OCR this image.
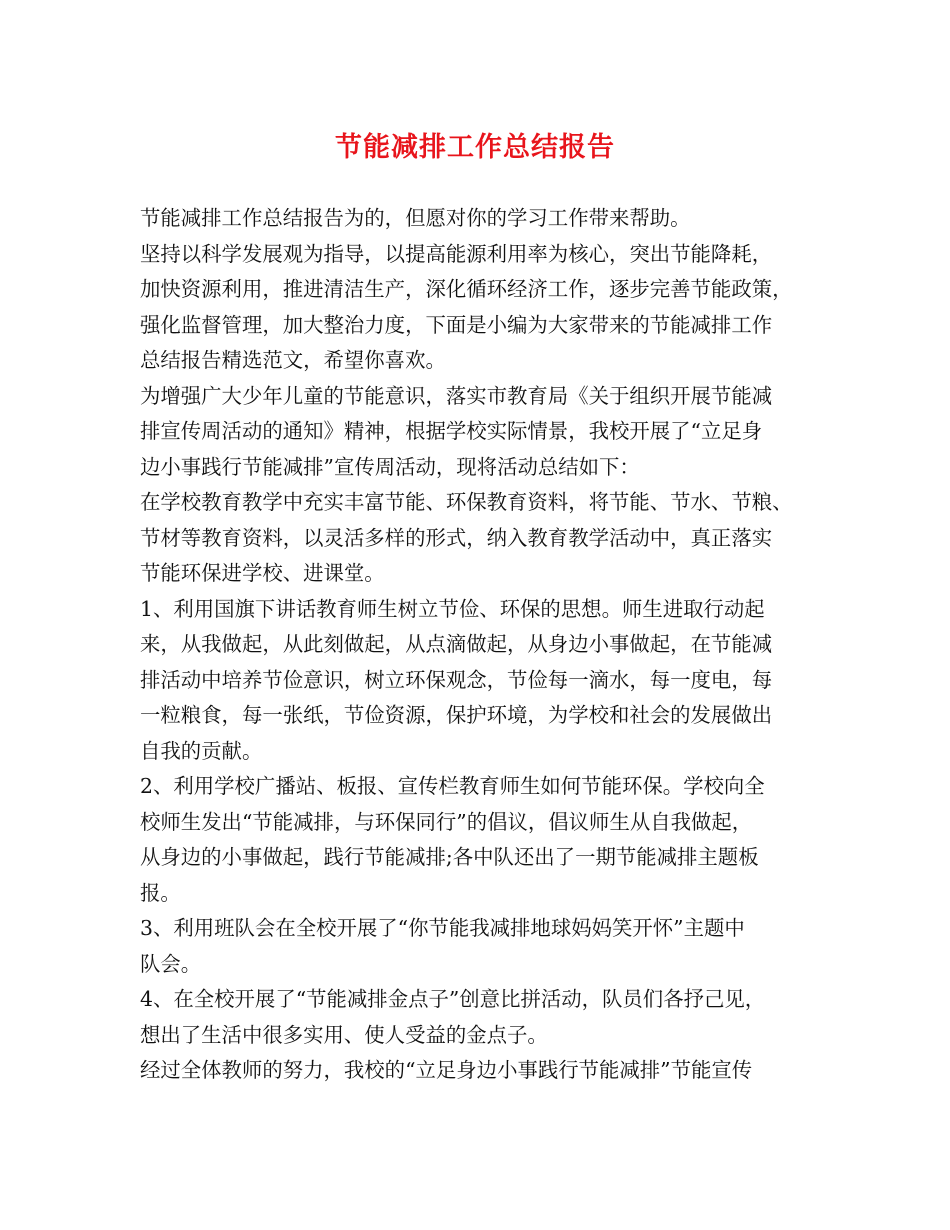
节能减排工作总结报告
节能减排工作总结报告为的，但愿对你的学习工作带来帮助。
坚持以科学发展观为指导，以提高能源利用率为核心，突出节能降耗，
加快资源利用，推进清洁生产，深化循环经济工作，逐步完善节能政策，
强化监督管理，加大整治力度，下面是小编为大家带来的节能减排工作
总结报告精选范文，希望你喜欢。
为增强广大少年儿童的节能意识，落实市教育局《关于组织开展节能减
排宣传周活动的通知》精神，根据学校实际情景，我校开展了“立足身
边小事践行节能减排”宣传周活动，现将活动总结如下：
在学校教育教学中充实丰富节能、环保教育资料，将节能、节水、节粮、
节材等教育资料，以灵活多样的形式，纳入教育教学活动中，真正落实
节能环保进学校、进课堂。
1、利用国旗下讲话教育师生树立节俭、环保的思想。师生进取行动起
来，从我做起，从此刻做起，从点滴做起，从身边小事做起，在节能减
排活动中培养节俭意识，树立环保观念，节俭每一滴水，每一度电，每
一粒粮食，每一张纸，节俭资源，保护环境，为学校和社会的发展做出
自我的贡献。
2、利用学校广播站、板报、宣传栏教育师生如何节能环保。学校向全
校师生发出“节能减排，与环保同行”的倡议，倡议师生从自我做起，
从身边的小事做起，践行节能减排;各中队还出了一期节能减排主题板
报。
3、利用班队会在全校开展了“你节能我减排地球妈妈笑开怀”主题中
队会。
4、在全校开展了“节能减排金点子”创意比拼活动，队员们各抒己见，
想出了生活中很多实用、使人受益的金点子。
经过全体教师的努力，我校的“立足身边小事践行节能减排”节能宣传
